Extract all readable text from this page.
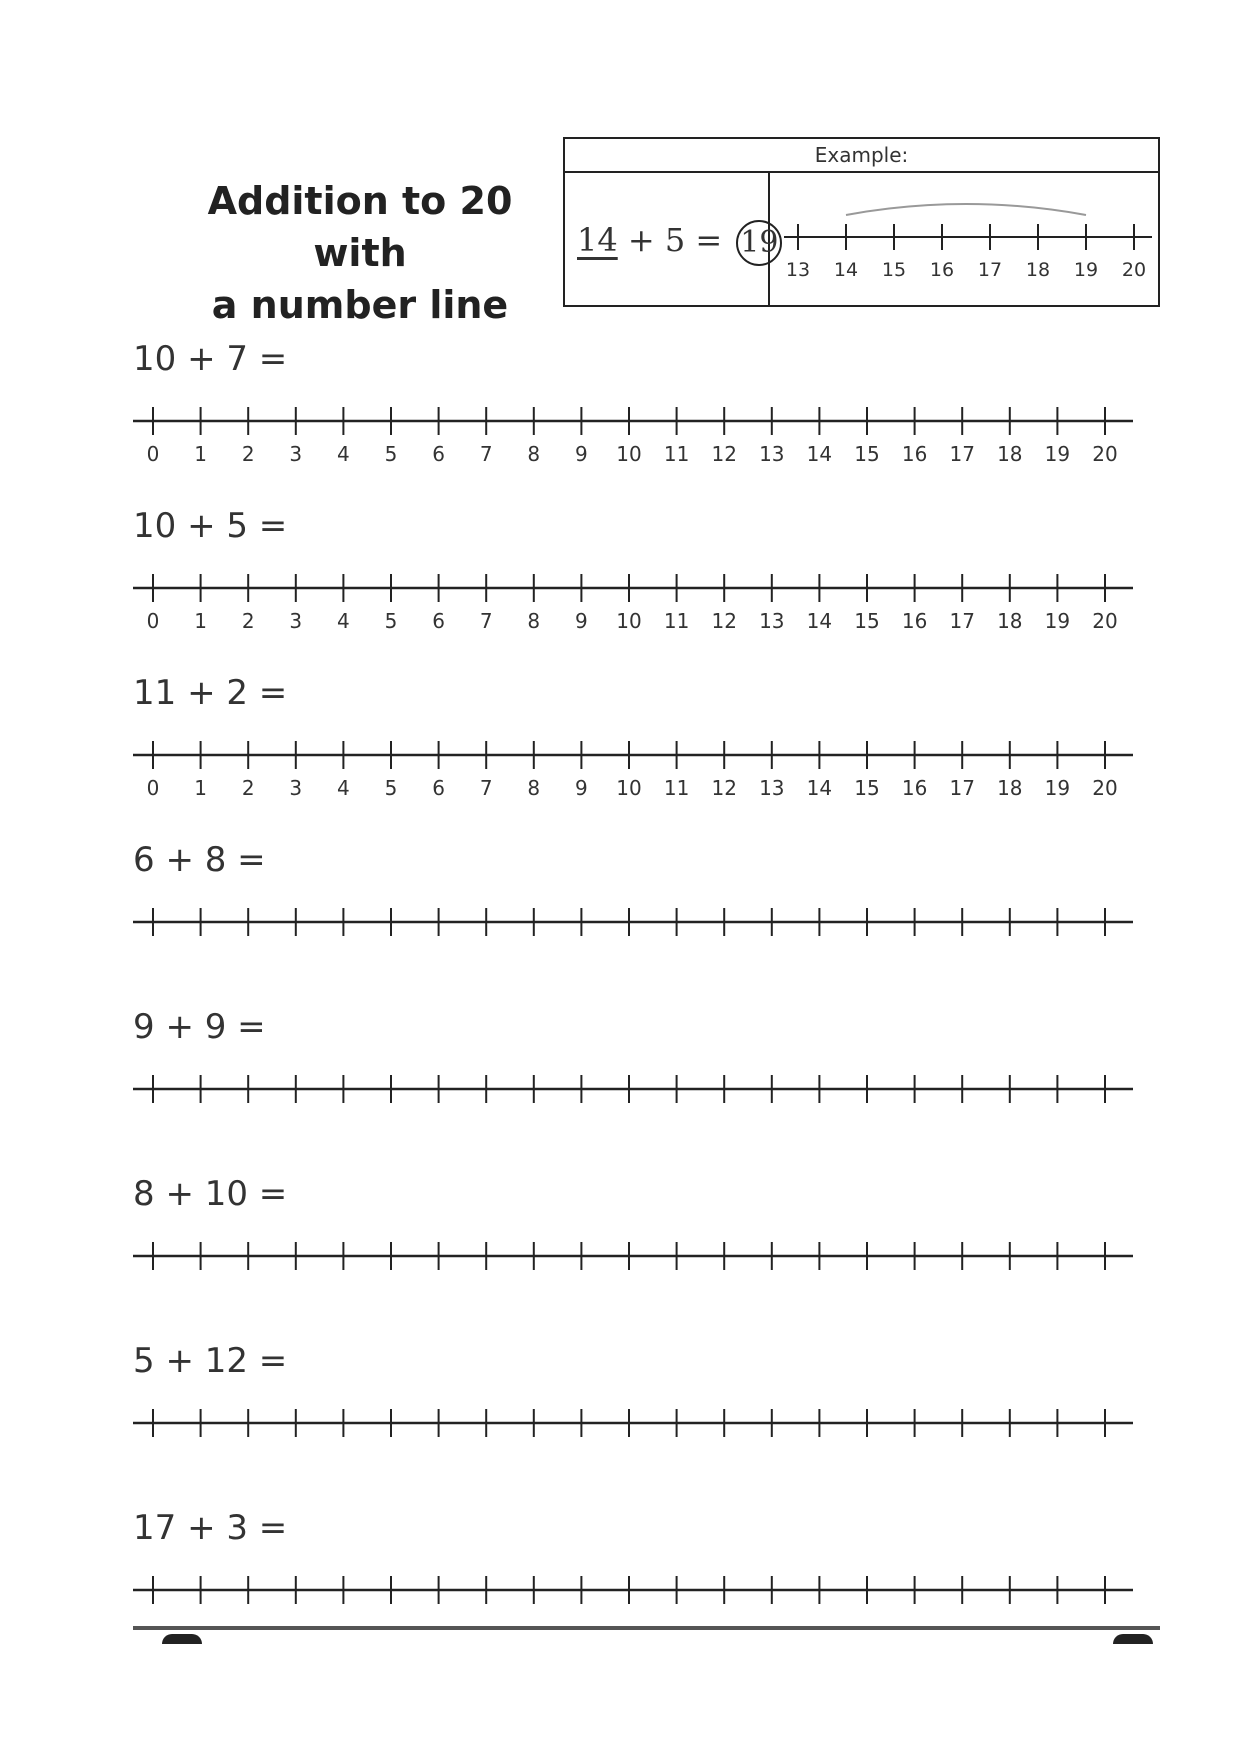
Addition to 20 with
a number line
Example:
14 + 5 = 19
13 14 15 16 17 18 19 20
10 + 7 =
0 1 2 3 4 5 6 7 8 9 10 11 12 13 14 15 16 17 18 19 20
10 + 5 =
0 1 2 3 4 5 6 7 8 9 10 11 12 13 14 15 16 17 18 19 20
11 + 2 =
0 1 2 3 4 5 6 7 8 9 10 11 12 13 14 15 16 17 18 19 20
6 + 8 =
9 + 9 =
8 + 10 =
5 + 12 =
17 + 3 =
